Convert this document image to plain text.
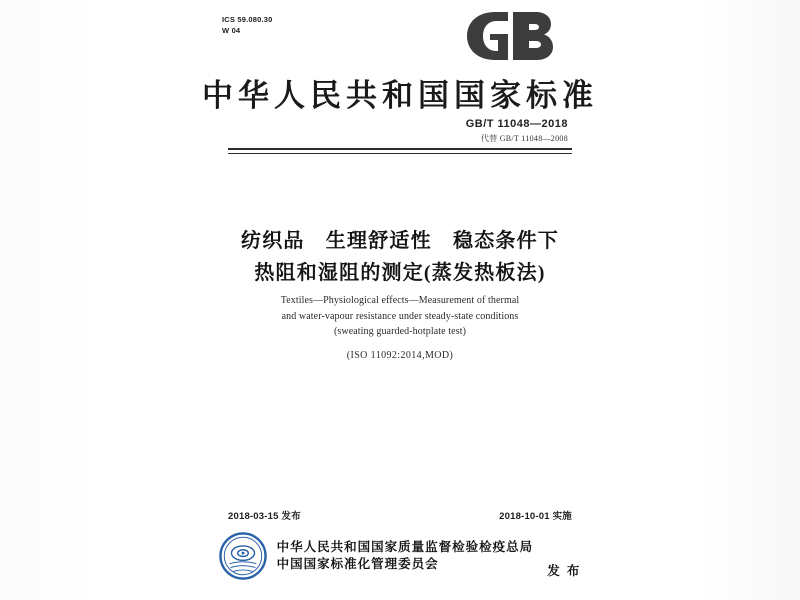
ICS 59.080.30
W 04
中华人民共和国国家标准
GB/T 11048—2018
代替 GB/T 11048—2008
纺织品　生理舒适性　稳态条件下
热阻和湿阻的测定(蒸发热板法)
Textiles—Physiological effects—Measurement of thermal
and water-vapour resistance under steady-state conditions
(sweating guarded-hotplate test)
(ISO 11092:2014,MOD)
2018-03-15 发布	2018-10-01 实施
中华人民共和国国家质量监督检验检疫总局
中国国家标准化管理委员会	发 布
